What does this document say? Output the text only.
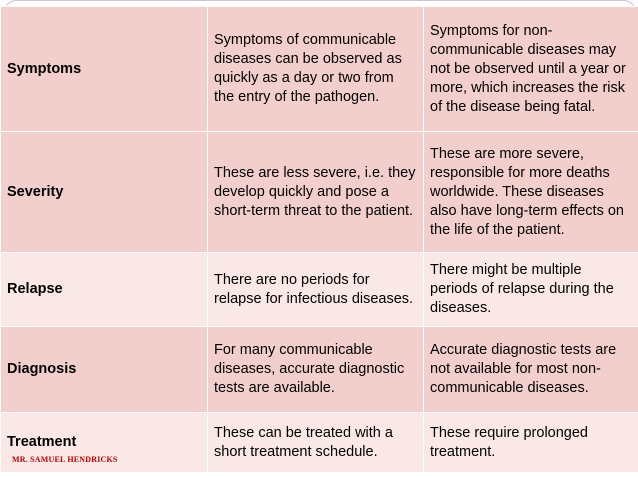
Symptoms	Symptoms of communicable diseases can be observed as quickly as a day or two from the entry of the pathogen.	Symptoms for non-communicable diseases may not be observed until a year or more, which increases the risk of the disease being fatal.
Severity	These are less severe, i.e. they develop quickly and pose a short-term threat to the patient.	These are more severe, responsible for more deaths worldwide. These diseases also have long-term effects on the life of the patient.
Relapse	There are no periods for relapse for infectious diseases.	There might be multiple periods of relapse during the diseases.
Diagnosis	For many communicable diseases, accurate diagnostic tests are available.	Accurate diagnostic tests are not available for most non-communicable diseases.
Treatment	These can be treated with a short treatment schedule.	These require prolonged treatment.
MR. SAMUEL HENDRICKS
